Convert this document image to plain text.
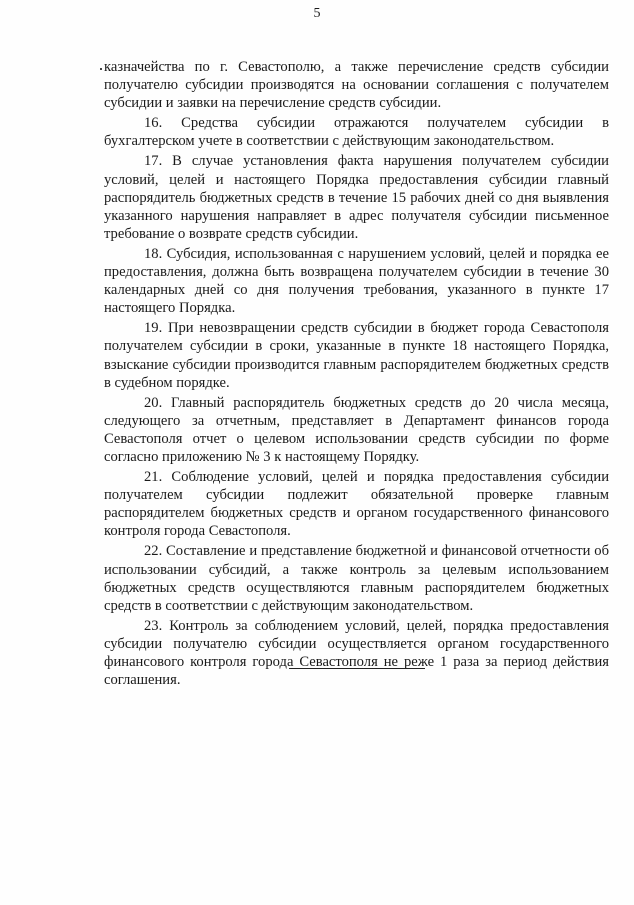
5

казначейства по г. Севастополю, а также перечисление средств субсидии получателю субсидии производятся на основании соглашения с получателем субсидии и заявки на перечисление средств субсидии.

16. Средства субсидии отражаются получателем субсидии в бухгалтерском учете в соответствии с действующим законодательством.

17. В случае установления факта нарушения получателем субсидии условий, целей и настоящего Порядка предоставления субсидии главный распорядитель бюджетных средств в течение 15 рабочих дней со дня выявления указанного нарушения направляет в адрес получателя субсидии письменное требование о возврате средств субсидии.

18. Субсидия, использованная с нарушением условий, целей и порядка ее предоставления, должна быть возвращена получателем субсидии в течение 30 календарных дней со дня получения требования, указанного в пункте 17 настоящего Порядка.

19. При невозвращении средств субсидии в бюджет города Севастополя получателем субсидии в сроки, указанные в пункте 18 настоящего Порядка, взыскание субсидии производится главным распорядителем бюджетных средств в судебном порядке.

20. Главный распорядитель бюджетных средств до 20 числа месяца, следующего за отчетным, представляет в Департамент финансов города Севастополя отчет о целевом использовании средств субсидии по форме согласно приложению № 3 к настоящему Порядку.

21. Соблюдение условий, целей и порядка предоставления субсидии получателем субсидии подлежит обязательной проверке главным распорядителем бюджетных средств и органом государственного финансового контроля города Севастополя.

22. Составление и представление бюджетной и финансовой отчетности об использовании субсидий, а также контроль за целевым использованием бюджетных средств осуществляются главным распорядителем бюджетных средств в соответствии с действующим законодательством.

23. Контроль за соблюдением условий, целей, порядка предоставления субсидии получателю субсидии осуществляется органом государственного финансового контроля города Севастополя не реже 1 раза за период действия соглашения.
